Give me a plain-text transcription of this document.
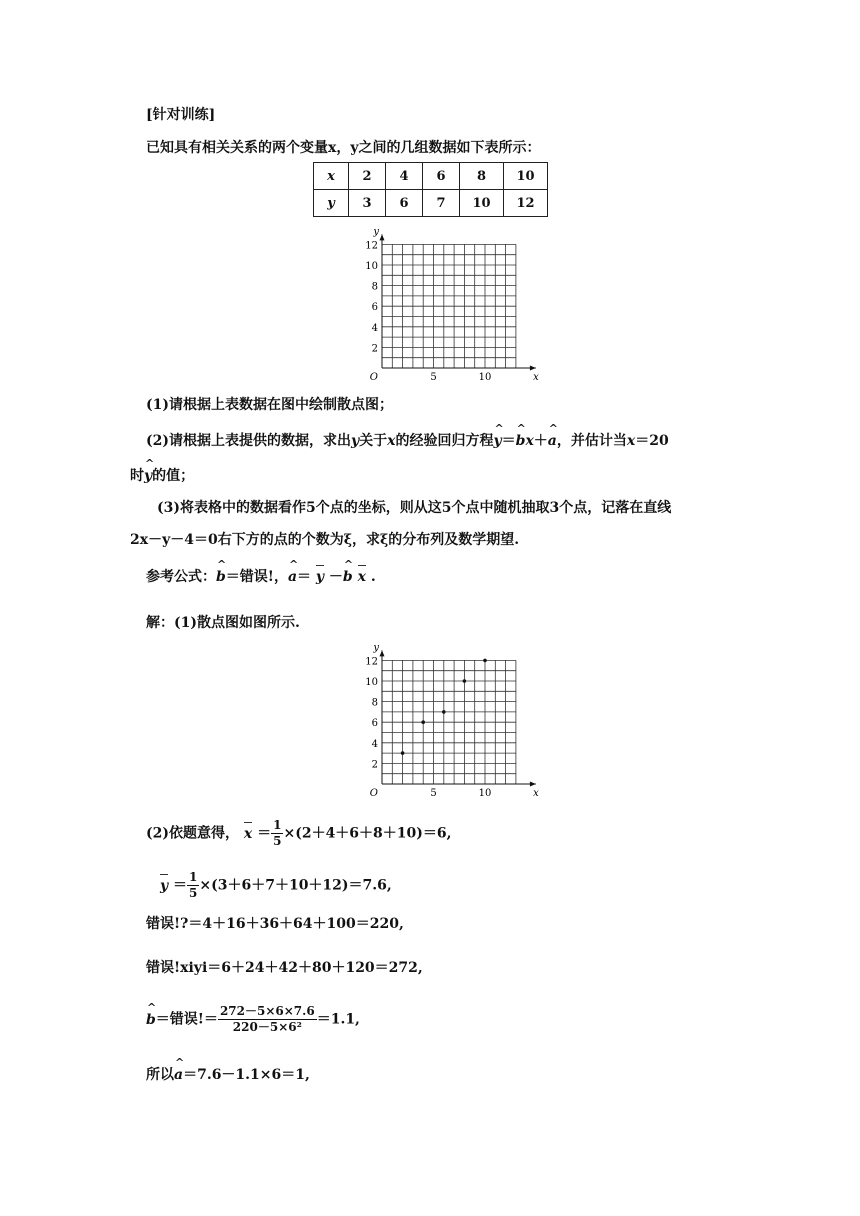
[针对训练]
已知具有相关关系的两个变量x，y之间的几组数据如下表所示：
x	2	4	6	8	10
y	3	6	7	10	12
2
4
6
8
10
12
5	10
O	x
y
(1)请根据上表数据在图中绘制散点图；
(2)请根据上表提供的数据，求出y关于x的经验回归方程^ y＝^ bx＋^ a，并估计当x＝20
时^ y的值；
(3)将表格中的数据看作5个点的坐标，则从这5个点中随机抽取3个点，记落在直线
2x－y－4＝0右下方的点的个数为ξ，求ξ的分布列及数学期望.
参考公式：^ b＝错误!，^ a＝ y －^ b x .
解：(1)散点图如图所示.
2
4
6
8
10
12
5	10
O	x
y
(2)依题意得， $x = \frac{1}{5} \times(2+4+6+8+10)=6$,
$y = \frac{1}{5} \times(3+6+7+10+12)=7.6$,
错误!?＝4＋16＋36＋64＋100＝220,
错误!xiyi＝6＋24＋42＋80＋120＝272,
^ b＝错误!＝ $\frac{272-5\times 6\times 7.6}{\text{220－5×6²}} =1.1$,
所以^ a＝7.6－1.1×6＝1,
